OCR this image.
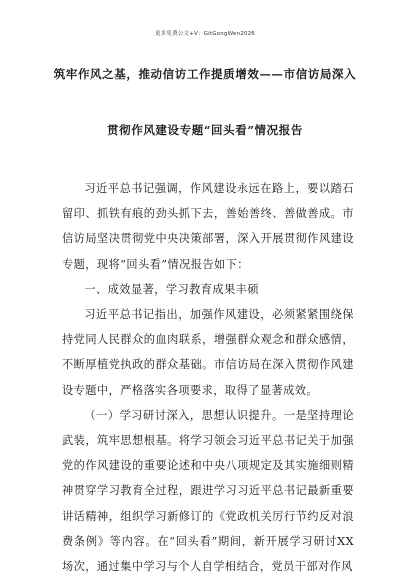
更多免费公文+V：GitGongWen2026
筑牢作风之基，推动信访工作提质增效——市信访局深入
贯彻作风建设专题“回头看”情况报告

习近平总书记强调，作风建设永远在路上，要以踏石留印、抓铁有痕的劲头抓下去，善始善终、善做善成。市信访局坚决贯彻党中央决策部署，深入开展贯彻作风建设专题，现将“回头看”情况报告如下：

一、成效显著，学习教育成果丰硕

习近平总书记指出，加强作风建设，必须紧紧围绕保持党同人民群众的血肉联系，增强群众观念和群众感情，不断厚植党执政的群众基础。市信访局在深入贯彻作风建设专题中，严格落实各项要求，取得了显著成效。

（一）学习研讨深入，思想认识提升。一是坚持理论武装，筑牢思想根基。将学习领会习近平总书记关于加强党的作风建设的重要论述和中央八项规定及其实施细则精神贯穿学习教育全过程，跟进学习习近平总书记最新重要讲话精神，组织学习新修订的《党政机关厉行节约反对浪费条例》等内容。在“回头看”期间，新开展学习研讨XX场次，通过集中学习与个人自学相结合，党员干部对作风
